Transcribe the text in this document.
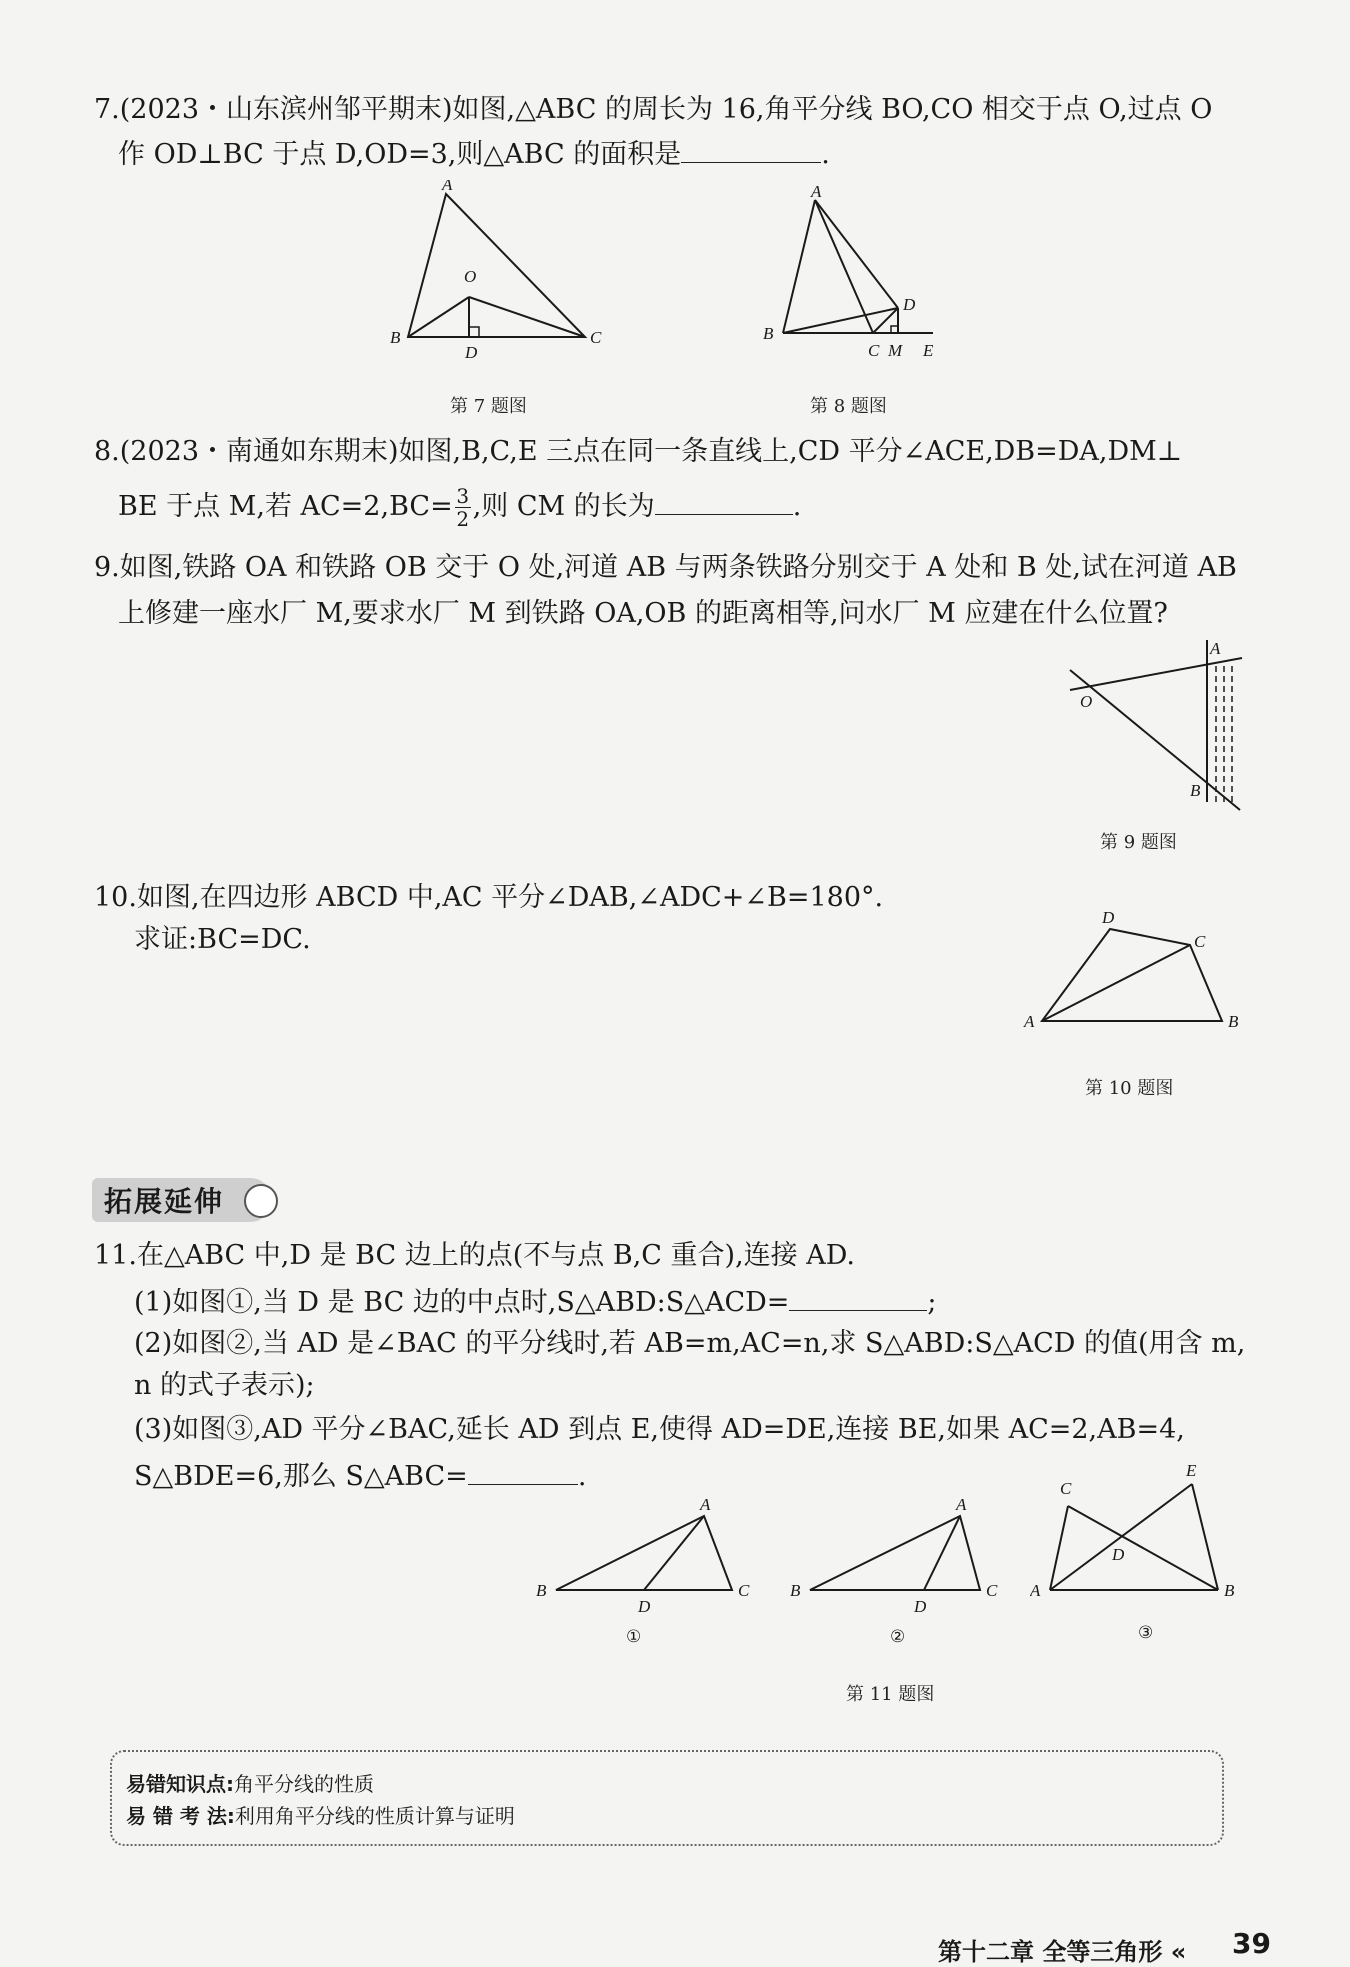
7.(2023・山东滨州邹平期末)如图,△ABC 的周长为 16,角平分线 BO,CO 相交于点 O,过点 O
作 OD⊥BC 于点 D,OD=3,则△ABC 的面积是	.
A
B	C
O
D
第 7 题图
A
B
C M E
D
第 8 题图
8.(2023・南通如东期末)如图,B,C,E 三点在同一条直线上,CD 平分∠ACE,DB=DA,DM⊥
BE 于点 M,若 $AC=2,BC= \frac{3}{2}$ ,则 CM 的长为	.
9.如图,铁路 OA 和铁路 OB 交于 O 处,河道 AB 与两条铁路分别交于 A 处和 B 处,试在河道 AB
上修建一座水厂 M,要求水厂 M 到铁路 OA,OB 的距离相等,问水厂 M 应建在什么位置?
A
O
B
第 9 题图
10.如图,在四边形 ABCD 中,AC 平分∠DAB,∠ADC+∠B=180°.
求证:BC=DC.
D
C
A	B
第 10 题图
拓展延伸
11.在△ABC 中,D 是 BC 边上的点(不与点 B,C 重合),连接 AD.
(1)如图①,当 D 是 BC 边的中点时,S△ABD:S△ACD=	;
(2)如图②,当 AD 是∠BAC 的平分线时,若 AB=m,AC=n,求 S△ABD:S△ACD 的值(用含 m,
n 的式子表示);
(3)如图③,AD 平分∠BAC,延长 AD 到点 E,使得 AD=DE,连接 BE,如果 AC=2,AB=4,
S△BDE=6,那么 S△ABC=	.
A
B	C
D
①
A
B	C
D
②
C
A	B
D
E
③
第 11 题图
易错知识点:角平分线的性质
易 错 考 法:利用角平分线的性质计算与证明
第十二章 全等三角形 « 39
